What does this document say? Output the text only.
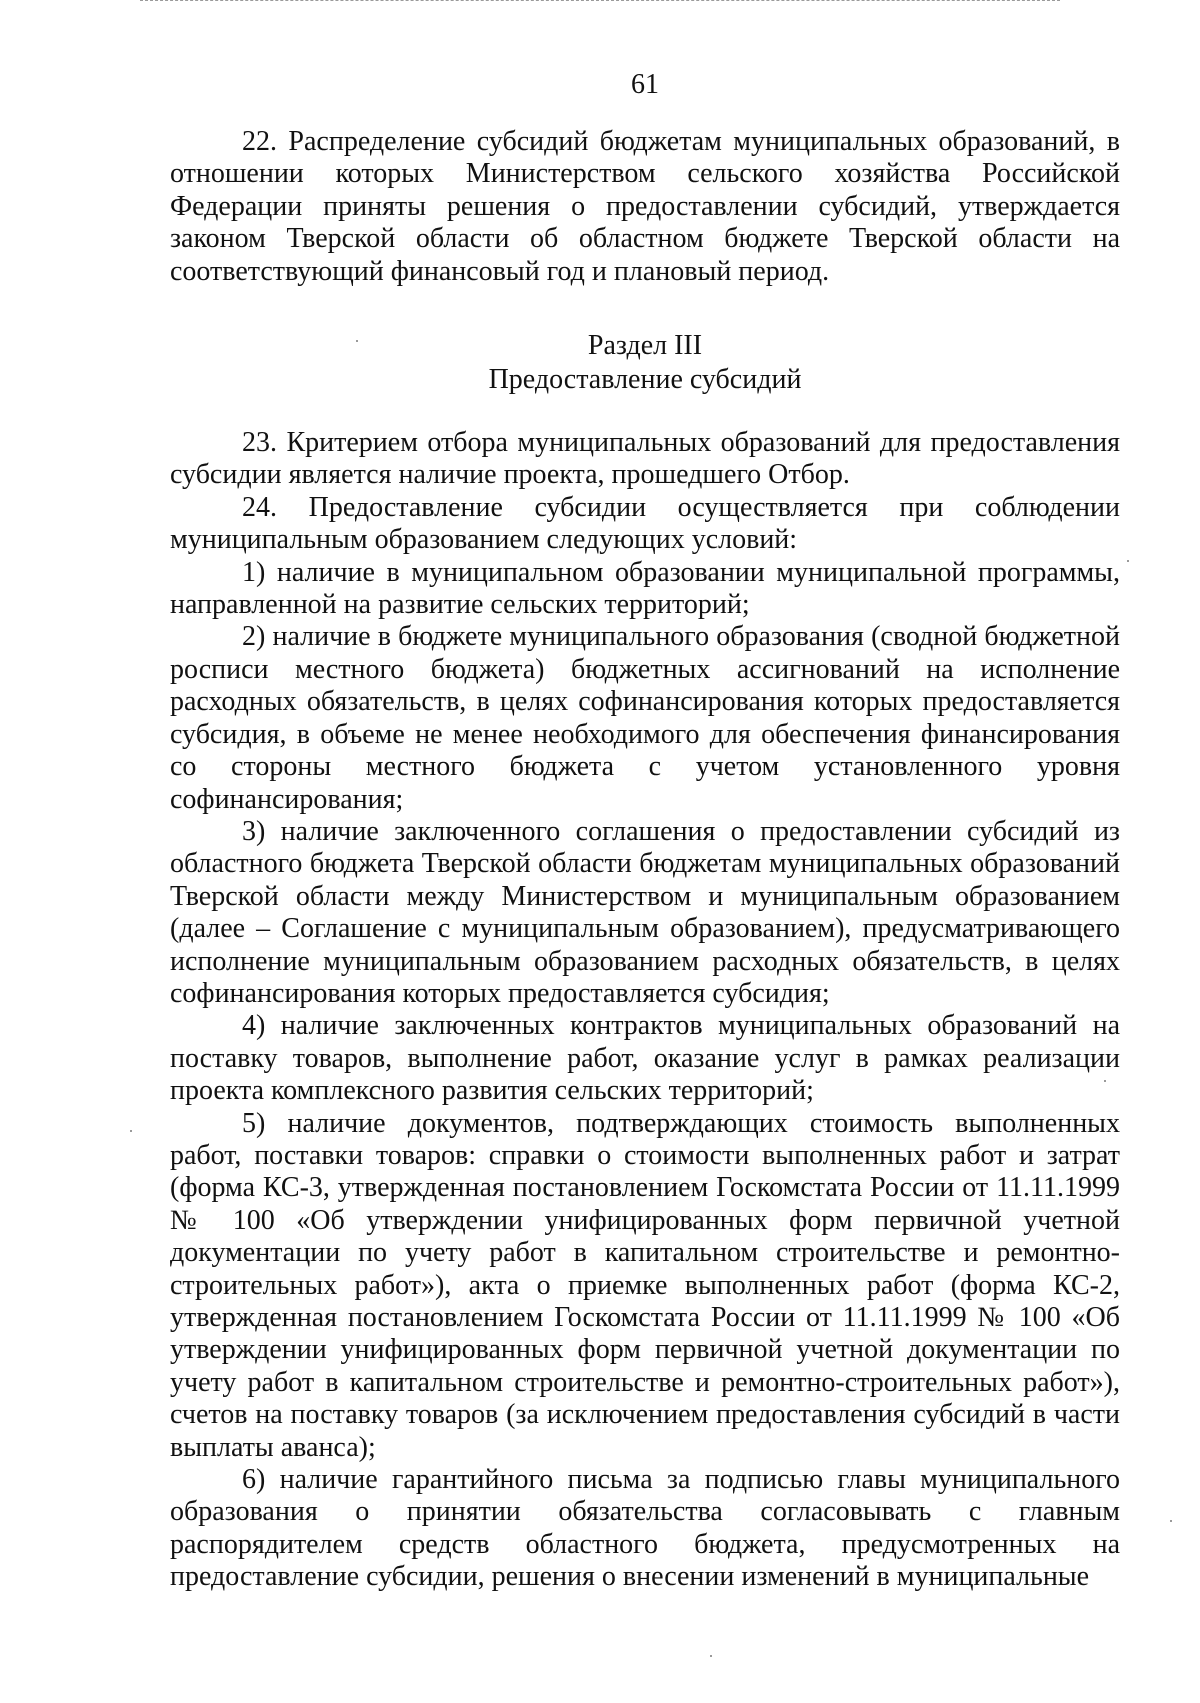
61

22. Распределение субсидий бюджетам муниципальных образований, в отношении которых Министерством сельского хозяйства Российской Федерации приняты решения о предоставлении субсидий, утверждается законом Тверской области об областном бюджете Тверской области на соответствующий финансовый год и плановый период.

Раздел III
Предоставление субсидий

23. Критерием отбора муниципальных образований для предоставления субсидии является наличие проекта, прошедшего Отбор.

24. Предоставление субсидии осуществляется при соблюдении муниципальным образованием следующих условий:

1) наличие в муниципальном образовании муниципальной программы, направленной на развитие сельских территорий;

2) наличие в бюджете муниципального образования (сводной бюджетной росписи местного бюджета) бюджетных ассигнований на исполнение расходных обязательств, в целях софинансирования которых предоставляется субсидия, в объеме не менее необходимого для обеспечения финансирования со стороны местного бюджета с учетом установленного уровня софинансирования;

3) наличие заключенного соглашения о предоставлении субсидий из областного бюджета Тверской области бюджетам муниципальных образований Тверской области между Министерством и муниципальным образованием (далее – Соглашение с муниципальным образованием), предусматривающего исполнение муниципальным образованием расходных обязательств, в целях софинансирования которых предоставляется субсидия;

4) наличие заключенных контрактов муниципальных образований на поставку товаров, выполнение работ, оказание услуг в рамках реализации проекта комплексного развития сельских территорий;

5) наличие документов, подтверждающих стоимость выполненных работ, поставки товаров: справки о стоимости выполненных работ и затрат (форма КС-3, утвержденная постановлением Госкомстата России от 11.11.1999 № 100 «Об утверждении унифицированных форм первичной учетной документации по учету работ в капитальном строительстве и ремонтно-строительных работ»), акта о приемке выполненных работ (форма КС-2, утвержденная постановлением Госкомстата России от 11.11.1999 № 100 «Об утверждении унифицированных форм первичной учетной документации по учету работ в капитальном строительстве и ремонтно-строительных работ»), счетов на поставку товаров (за исключением предоставления субсидий в части выплаты аванса);

6) наличие гарантийного письма за подписью главы муниципального образования о принятии обязательства согласовывать с главным распорядителем средств областного бюджета, предусмотренных на предоставление субсидии, решения о внесении изменений в муниципальные
